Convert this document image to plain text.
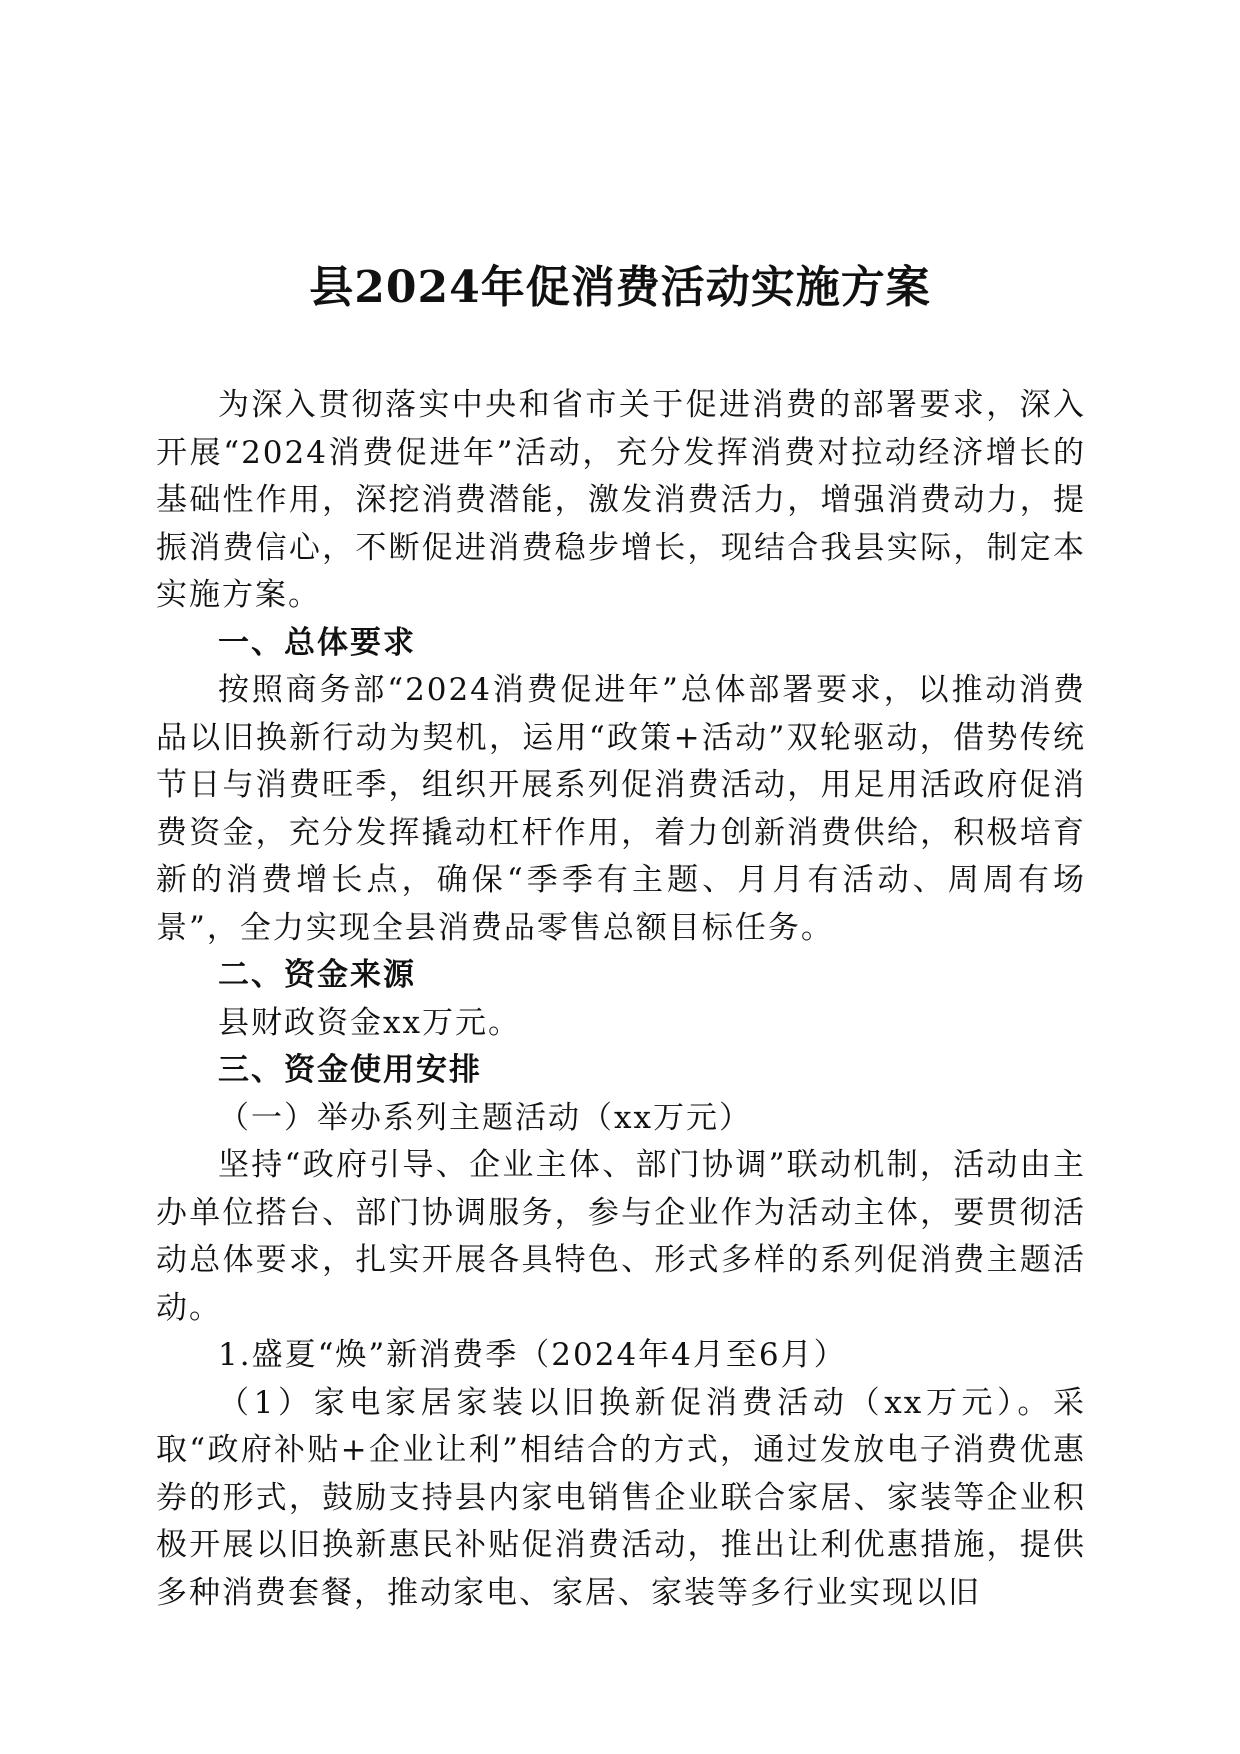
县2024年促消费活动实施方案

为深入贯彻落实中央和省市关于促进消费的部署要求，深入开展“2024消费促进年”活动，充分发挥消费对拉动经济增长的基础性作用，深挖消费潜能，激发消费活力，增强消费动力，提振消费信心，不断促进消费稳步增长，现结合我县实际，制定本实施方案。

一、总体要求

按照商务部“2024消费促进年”总体部署要求，以推动消费品以旧换新行动为契机，运用“政策+活动”双轮驱动，借势传统节日与消费旺季，组织开展系列促消费活动，用足用活政府促消费资金，充分发挥撬动杠杆作用，着力创新消费供给，积极培育新的消费增长点，确保“季季有主题、月月有活动、周周有场景”，全力实现全县消费品零售总额目标任务。

二、资金来源

县财政资金xx万元。

三、资金使用安排

（一）举办系列主题活动（xx万元）

坚持“政府引导、企业主体、部门协调”联动机制，活动由主办单位搭台、部门协调服务，参与企业作为活动主体，要贯彻活动总体要求，扎实开展各具特色、形式多样的系列促消费主题活动。

1.盛夏“焕”新消费季（2024年4月至6月）

（1）家电家居家装以旧换新促消费活动（xx万元）。采取“政府补贴+企业让利”相结合的方式，通过发放电子消费优惠券的形式，鼓励支持县内家电销售企业联合家居、家装等企业积极开展以旧换新惠民补贴促消费活动，推出让利优惠措施，提供多种消费套餐，推动家电、家居、家装等多行业实现以旧
